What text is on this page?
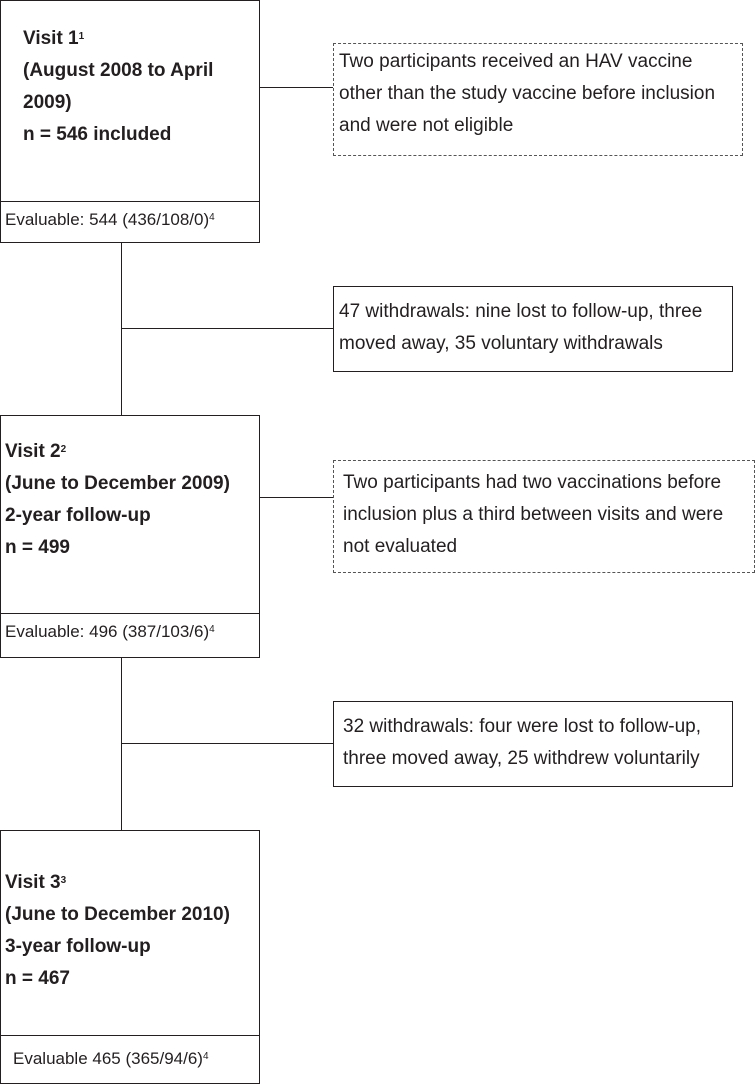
Visit $1^1$
(August 2008 to April
2009)
n = 546 included
Evaluable: 544 $(436/108/0)^4$
Two participants received an HAV vaccine
other than the study vaccine before inclusion
and were not eligible
47 withdrawals: nine lost to follow-up, three
moved away, 35 voluntary withdrawals
Visit $2^2$
(June to December 2009)
2-year follow-up
n = 499
Evaluable: 496 $(387/103/6)^4$
Two participants had two vaccinations before
inclusion plus a third between visits and were
not evaluated
32 withdrawals: four were lost to follow-up,
three moved away, 25 withdrew voluntarily
Visit $3^3$
(June to December 2010)
3-year follow-up
n = 467
Evaluable 465 $(365/94/6)^4$
